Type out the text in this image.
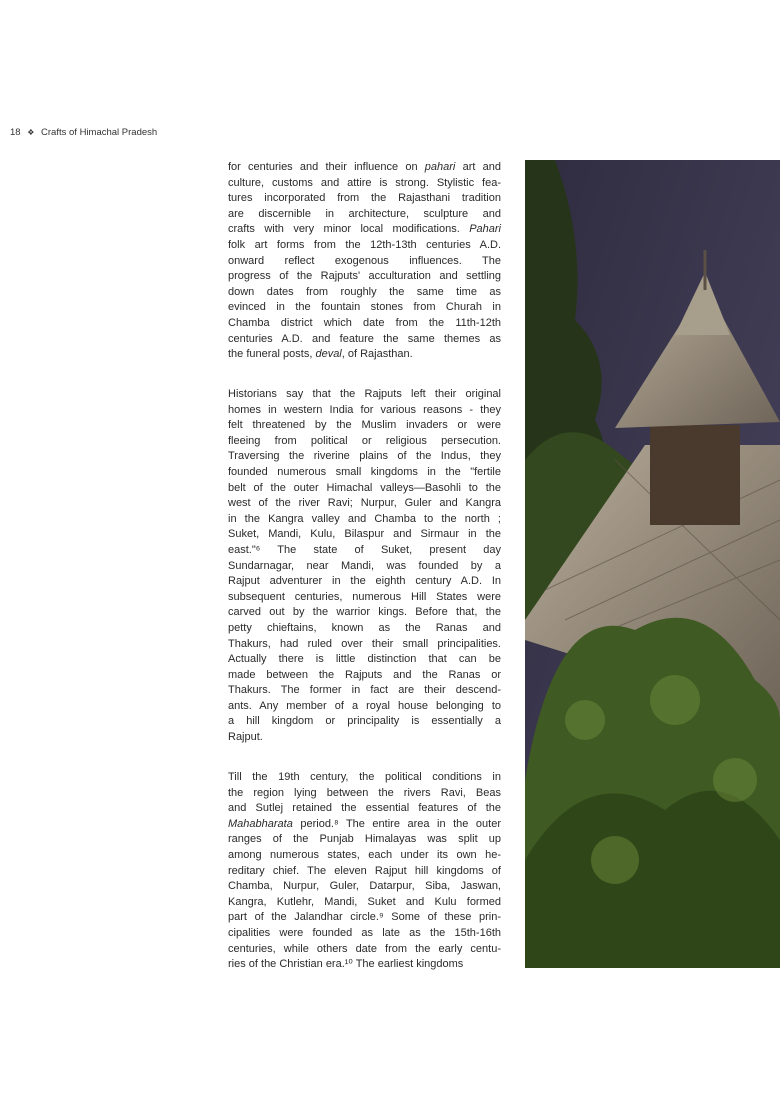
18 ❖ Crafts of Himachal Pradesh
for centuries and their influence on pahari art and
culture, customs and attire is strong. Stylistic fea-
tures incorporated from the Rajasthani tradition
are discernible in architecture, sculpture and
crafts with very minor local modifications. Pahari
folk art forms from the 12th-13th centuries A.D.
onward reflect exogenous influences. The
progress of the Rajputs' acculturation and settling
down dates from roughly the same time as
evinced in the fountain stones from Churah in
Chamba district which date from the 11th-12th
centuries A.D. and feature the same themes as
the funeral posts, deval, of Rajasthan.
Historians say that the Rajputs left their original
homes in western India for various reasons - they
felt threatened by the Muslim invaders or were
fleeing from political or religious persecution.
Traversing the riverine plains of the Indus, they
founded numerous small kingdoms in the "fertile
belt of the outer Himachal valleys—Basohli to the
west of the river Ravi; Nurpur, Guler and Kangra
in the Kangra valley and Chamba to the north ;
Suket, Mandi, Kulu, Bilaspur and Sirmaur in the
east."⁶ The state of Suket, present day
Sundarnagar, near Mandi, was founded by a
Rajput adventurer in the eighth century A.D. In
subsequent centuries, numerous Hill States were
carved out by the warrior kings. Before that, the
petty chieftains, known as the Ranas and
Thakurs, had ruled over their small principalities.
Actually there is little distinction that can be
made between the Rajputs and the Ranas or
Thakurs. The former in fact are their descend-
ants. Any member of a royal house belonging to
a hill kingdom or principality is essentially a
Rajput.
Till the 19th century, the political conditions in
the region lying between the rivers Ravi, Beas
and Sutlej retained the essential features of the
Mahabharata period.⁸ The entire area in the outer
ranges of the Punjab Himalayas was split up
among numerous states, each under its own he-
reditary chief. The eleven Rajput hill kingdoms of
Chamba, Nurpur, Guler, Datarpur, Siba, Jaswan,
Kangra, Kutlehr, Mandi, Suket and Kulu formed
part of the Jalandhar circle.⁹ Some of these prin-
cipalities were founded as late as the 15th-16th
centuries, while others date from the early centu-
ries of the Christian era.¹⁰ The earliest kingdoms
